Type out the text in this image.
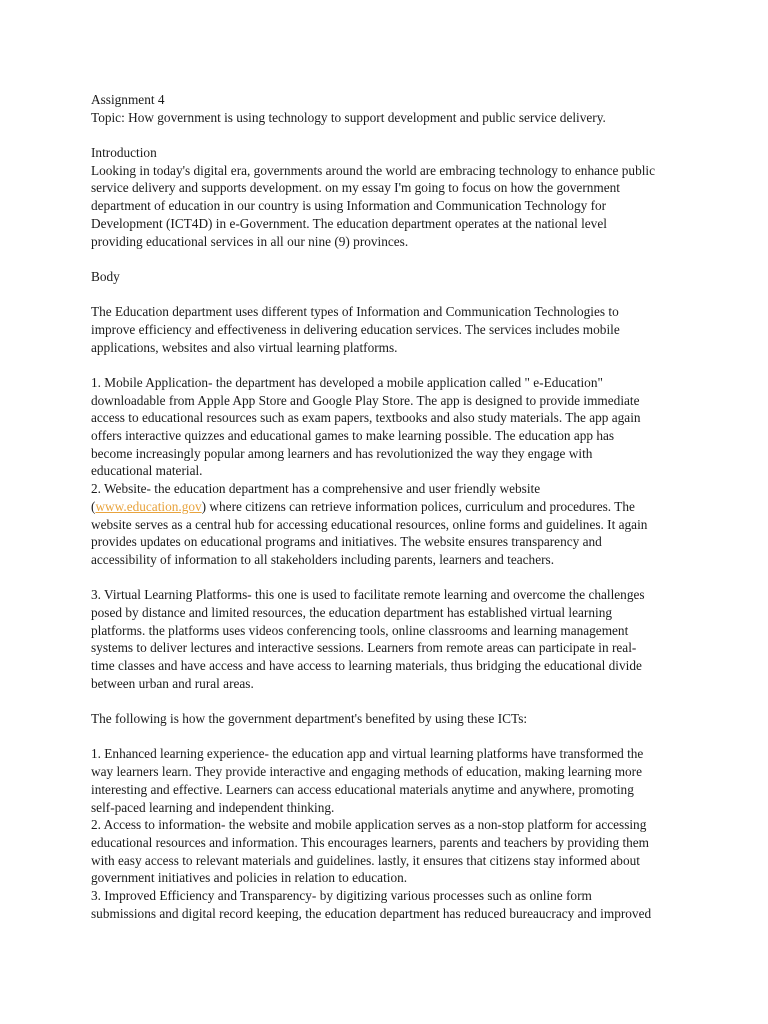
Assignment 4
Topic: How government is using technology to support development and public service delivery.
Introduction
Looking in today's digital era, governments around the world are embracing technology to enhance public
service delivery and supports development. on my essay I'm going to focus on how the government
department of education in our country is using Information and Communication Technology for
Development (ICT4D) in e-Government. The education department operates at the national level
providing educational services in all our nine (9) provinces.
Body
The Education department uses different types of Information and Communication Technologies to
improve efficiency and effectiveness in delivering education services. The services includes mobile
applications, websites and also virtual learning platforms.
1. Mobile Application- the department has developed a mobile application called " e-Education"
downloadable from Apple App Store and Google Play Store. The app is designed to provide immediate
access to educational resources such as exam papers, textbooks and also study materials. The app again
offers interactive quizzes and educational games to make learning possible. The education app has
become increasingly popular among learners and has revolutionized the way they engage with
educational material.
2. Website- the education department has a comprehensive and user friendly website
(www.education.gov) where citizens can retrieve information polices, curriculum and procedures. The
website serves as a central hub for accessing educational resources, online forms and guidelines. It again
provides updates on educational programs and initiatives. The website ensures transparency and
accessibility of information to all stakeholders including parents, learners and teachers.
3. Virtual Learning Platforms- this one is used to facilitate remote learning and overcome the challenges
posed by distance and limited resources, the education department has established virtual learning
platforms. the platforms uses videos conferencing tools, online classrooms and learning management
systems to deliver lectures and interactive sessions. Learners from remote areas can participate in real-
time classes and have access and have access to learning materials, thus bridging the educational divide
between urban and rural areas.
The following is how the government department's benefited by using these ICTs:
1. Enhanced learning experience- the education app and virtual learning platforms have transformed the
way learners learn. They provide interactive and engaging methods of education, making learning more
interesting and effective. Learners can access educational materials anytime and anywhere, promoting
self-paced learning and independent thinking.
2. Access to information- the website and mobile application serves as a non-stop platform for accessing
educational resources and information. This encourages learners, parents and teachers by providing them
with easy access to relevant materials and guidelines. lastly, it ensures that citizens stay informed about
government initiatives and policies in relation to education.
3. Improved Efficiency and Transparency- by digitizing various processes such as online form
submissions and digital record keeping, the education department has reduced bureaucracy and improved
